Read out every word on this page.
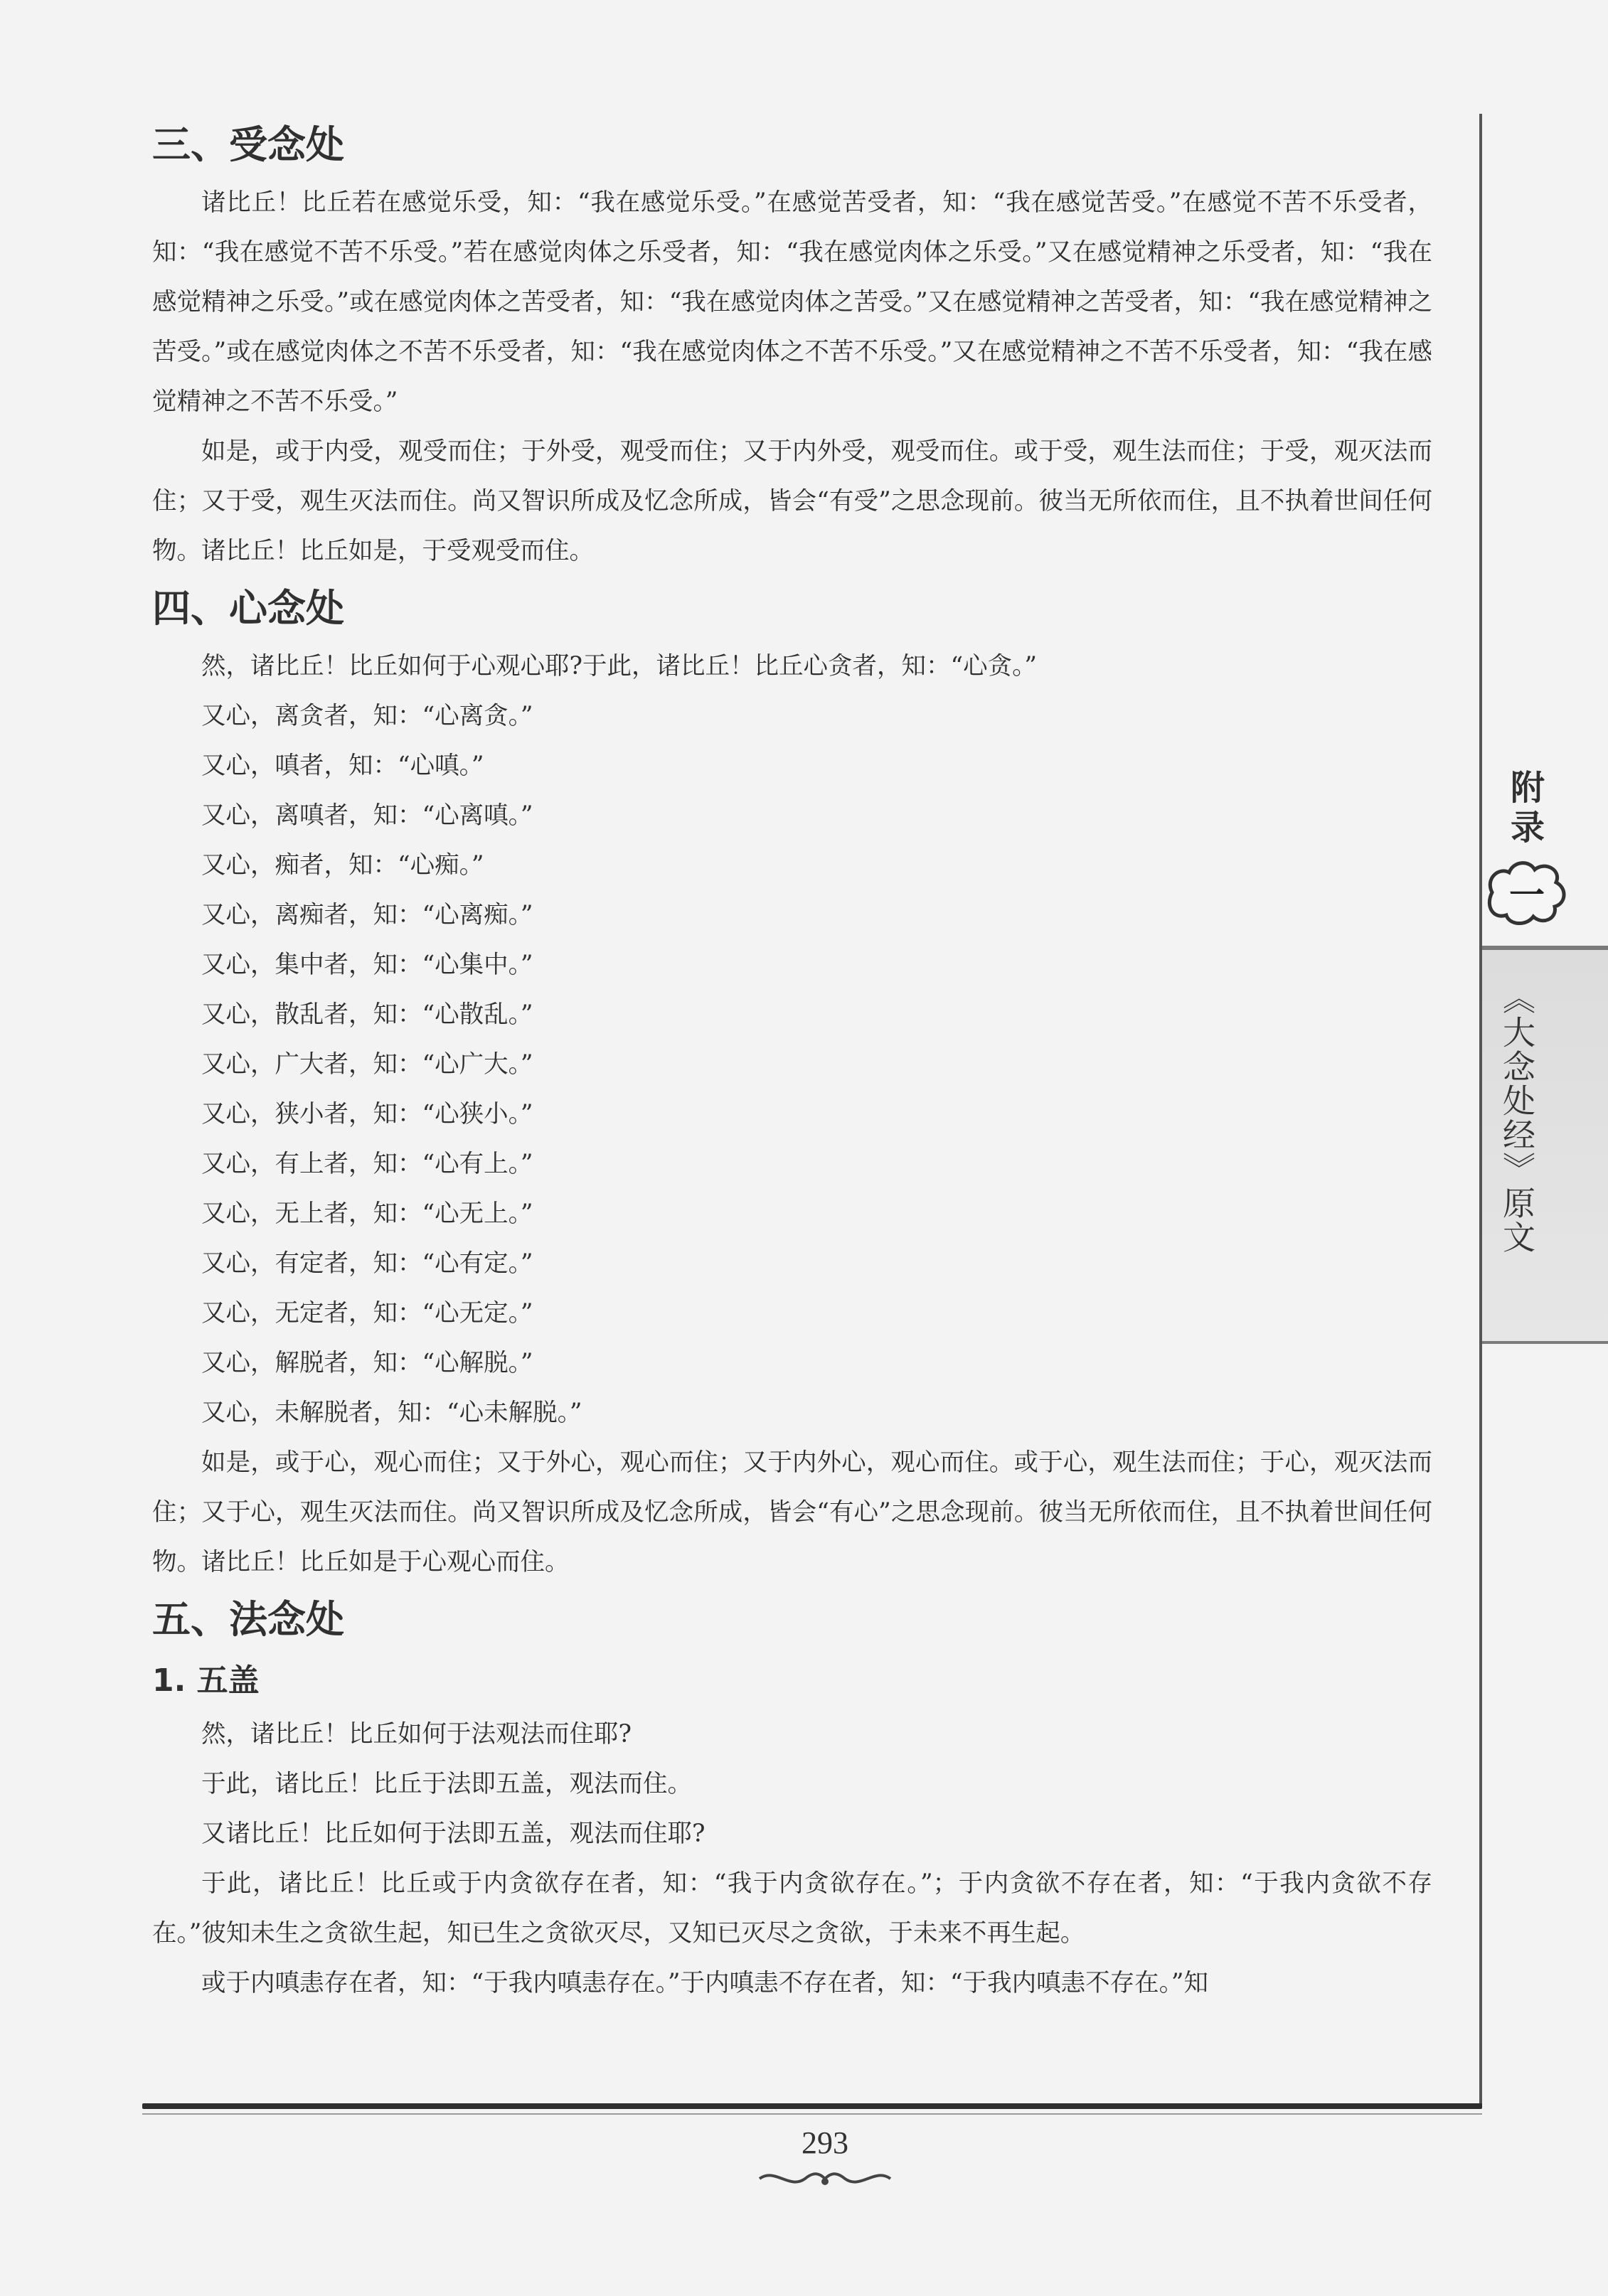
三、受念处

诸比丘！比丘若在感觉乐受，知：“我在感觉乐受。”在感觉苦受者，知：“我在感觉苦受。”在感觉不苦不乐受者，知：“我在感觉不苦不乐受。”若在感觉肉体之乐受者，知：“我在感觉肉体之乐受。”又在感觉精神之乐受者，知：“我在感觉精神之乐受。”或在感觉肉体之苦受者，知：“我在感觉肉体之苦受。”又在感觉精神之苦受者，知：“我在感觉精神之苦受。”或在感觉肉体之不苦不乐受者，知：“我在感觉肉体之不苦不乐受。”又在感觉精神之不苦不乐受者，知：“我在感觉精神之不苦不乐受。”

如是，或于内受，观受而住；于外受，观受而住；又于内外受，观受而住。或于受，观生法而住；于受，观灭法而住；又于受，观生灭法而住。尚又智识所成及忆念所成，皆会“有受”之思念现前。彼当无所依而住，且不执着世间任何物。诸比丘！比丘如是，于受观受而住。

四、心念处

然，诸比丘！比丘如何于心观心耶?于此，诸比丘！比丘心贪者，知：“心贪。”

又心，离贪者，知：“心离贪。”

又心，嗔者，知：“心嗔。”

又心，离嗔者，知：“心离嗔。”

又心，痴者，知：“心痴。”

又心，离痴者，知：“心离痴。”

又心，集中者，知：“心集中。”

又心，散乱者，知：“心散乱。”

又心，广大者，知：“心广大。”

又心，狭小者，知：“心狭小。”

又心，有上者，知：“心有上。”

又心，无上者，知：“心无上。”

又心，有定者，知：“心有定。”

又心，无定者，知：“心无定。”

又心，解脱者，知：“心解脱。”

又心，未解脱者，知：“心未解脱。”

如是，或于心，观心而住；又于外心，观心而住；又于内外心，观心而住。或于心，观生法而住；于心，观灭法而住；又于心，观生灭法而住。尚又智识所成及忆念所成，皆会“有心”之思念现前。彼当无所依而住，且不执着世间任何物。诸比丘！比丘如是于心观心而住。

五、法念处
1. 五盖

然，诸比丘！比丘如何于法观法而住耶?

于此，诸比丘！比丘于法即五盖，观法而住。

又诸比丘！比丘如何于法即五盖，观法而住耶?

于此，诸比丘！比丘或于内贪欲存在者，知：“我于内贪欲存在。”；于内贪欲不存在者，知：“于我内贪欲不存在。”彼知未生之贪欲生起，知已生之贪欲灭尽，又知已灭尽之贪欲，于未来不再生起。

或于内嗔恚存在者，知：“于我内嗔恚存在。”于内嗔恚不存在者，知：“于我内嗔恚不存在。”知

附录
一
《大念处经》原文
293
